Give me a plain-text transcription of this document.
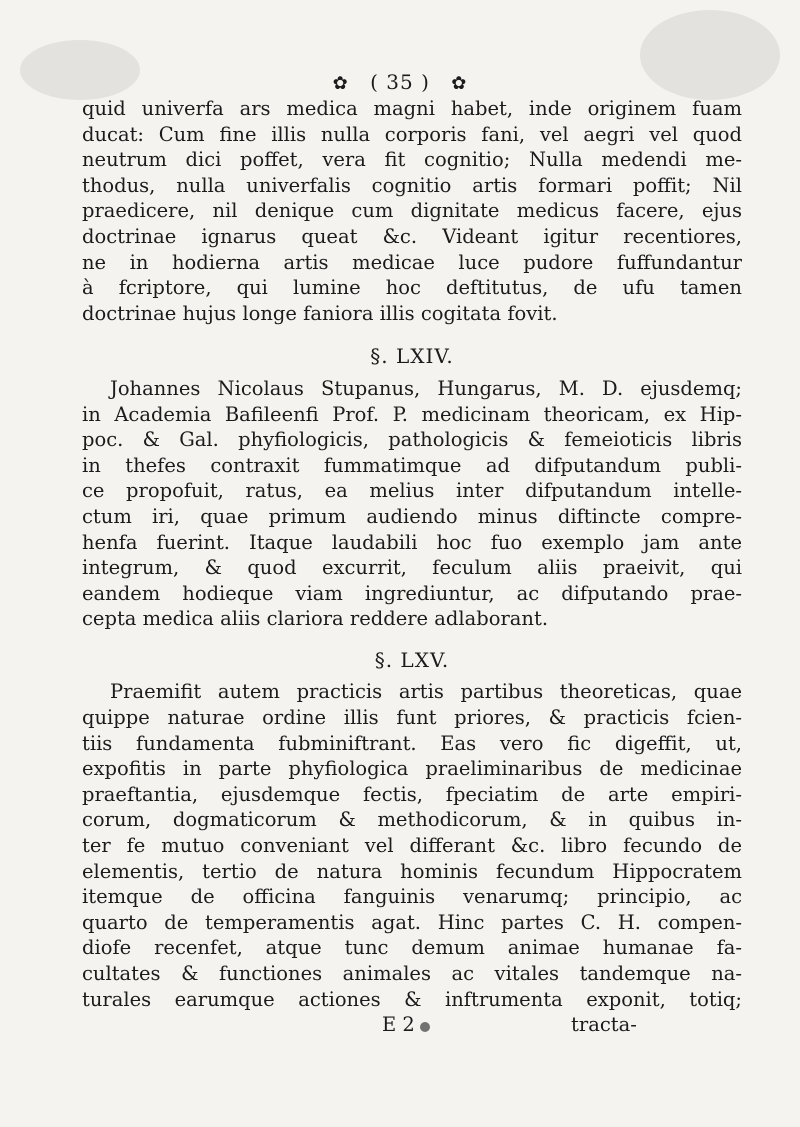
✿ ( 35 ) ✿
quid univerfa ars medica magni habet, inde originem fuam
ducat: Cum fine illis nulla corporis fani, vel aegri vel quod
neutrum dici poffet, vera fit cognitio; Nulla medendi me-
thodus, nulla univerfalis cognitio artis formari poffit; Nil
praedicere, nil denique cum dignitate medicus facere, ejus
doctrinae ignarus queat &c. Videant igitur recentiores,
ne in hodierna artis medicae luce pudore fuffundantur
à fcriptore, qui lumine hoc deftitutus, de ufu tamen
doctrinae hujus longe faniora illis cogitata fovit.
§. LXIV.
Johannes Nicolaus Stupanus, Hungarus, M. D. ejusdemq;
in Academia Bafileenfi Prof. P. medicinam theoricam, ex Hip-
poc. & Gal. phyfiologicis, pathologicis & femeioticis libris
in thefes contraxit fummatimque ad difputandum publi-
ce propofuit, ratus, ea melius inter difputandum intelle-
ctum iri, quae primum audiendo minus diftincte compre-
henfa fuerint. Itaque laudabili hoc fuo exemplo jam ante
integrum, & quod excurrit, feculum aliis praeivit, qui
eandem hodieque viam ingrediuntur, ac difputando prae-
cepta medica aliis clariora reddere adlaborant.
§. LXV.
Praemifit autem practicis artis partibus theoreticas, quae
quippe naturae ordine illis funt priores, & practicis fcien-
tiis fundamenta fubminiftrant. Eas vero fic digeffit, ut,
expofitis in parte phyfiologica praeliminaribus de medicinae
praeftantia, ejusdemque fectis, fpeciatim de arte empiri-
corum, dogmaticorum & methodicorum, & in quibus in-
ter fe mutuo conveniant vel differant &c. libro fecundo de
elementis, tertio de natura hominis fecundum Hippocratem
itemque de officina fanguinis venarumq; principio, ac
quarto de temperamentis agat. Hinc partes C. H. compen-
diofe recenfet, atque tunc demum animae humanae fa-
cultates & functiones animales ac vitales tandemque na-
turales earumque actiones & inftrumenta exponit, totiq;
E 2	tracta-
